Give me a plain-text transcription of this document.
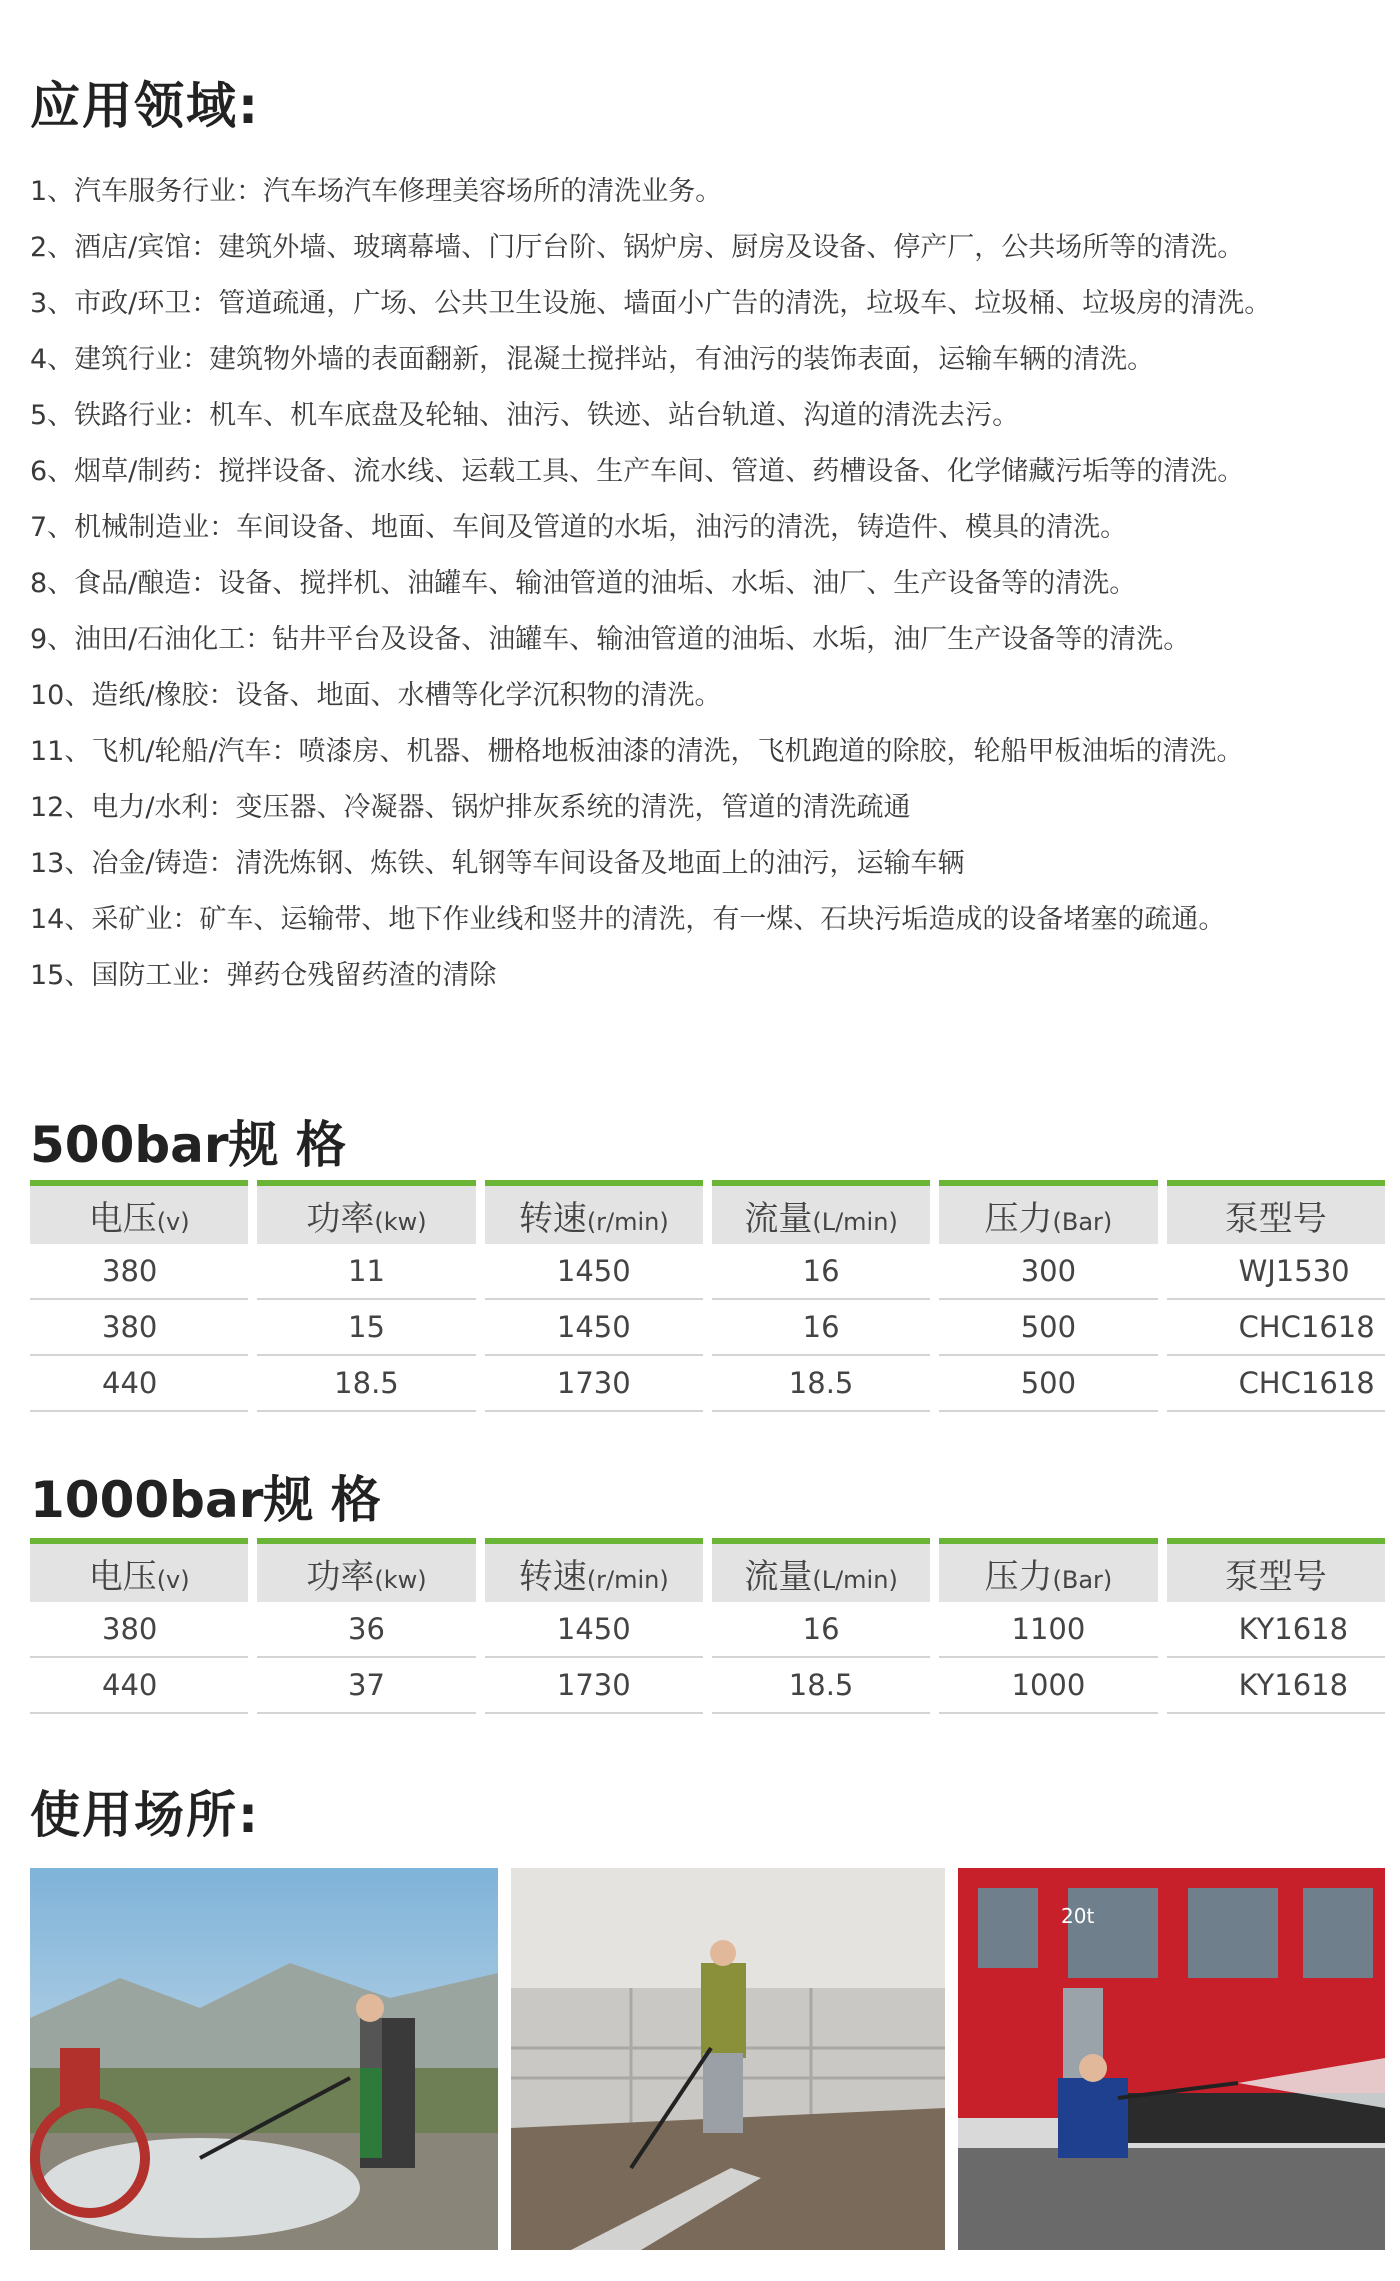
应用领域:

1、汽车服务行业：汽车场汽车修理美容场所的清洗业务。

2、酒店/宾馆：建筑外墙、玻璃幕墙、门厅台阶、锅炉房、厨房及设备、停产厂，公共场所等的清洗。

3、市政/环卫：管道疏通，广场、公共卫生设施、墙面小广告的清洗，垃圾车、垃圾桶、垃圾房的清洗。

4、建筑行业：建筑物外墙的表面翻新，混凝土搅拌站，有油污的装饰表面，运输车辆的清洗。

5、铁路行业：机车、机车底盘及轮轴、油污、铁迹、站台轨道、沟道的清洗去污。

6、烟草/制药：搅拌设备、流水线、运载工具、生产车间、管道、药槽设备、化学储藏污垢等的清洗。

7、机械制造业：车间设备、地面、车间及管道的水垢，油污的清洗，铸造件、模具的清洗。

8、食品/酿造：设备、搅拌机、油罐车、输油管道的油垢、水垢、油厂、生产设备等的清洗。

9、油田/石油化工：钻井平台及设备、油罐车、输油管道的油垢、水垢，油厂生产设备等的清洗。

10、造纸/橡胶：设备、地面、水槽等化学沉积物的清洗。

11、飞机/轮船/汽车：喷漆房、机器、栅格地板油漆的清洗，飞机跑道的除胶，轮船甲板油垢的清洗。

12、电力/水利：变压器、冷凝器、锅炉排灰系统的清洗，管道的清洗疏通

13、冶金/铸造：清洗炼钢、炼铁、轧钢等车间设备及地面上的油污，运输车辆

14、采矿业：矿车、运输带、地下作业线和竖井的清洗，有一煤、石块污垢造成的设备堵塞的疏通。

15、国防工业：弹药仓残留药渣的清除

500bar规 格
电压(v)		功率(kw)		转速(r/min)		流量(L/min)		压力(Bar)		泵型号
380		11		1450		16		300		WJ1530
380		15		1450		16		500		CHC1618
440		18.5		1730		18.5		500		CHC1618
1000bar规 格
电压(v)		功率(kw)		转速(r/min)		流量(L/min)		压力(Bar)		泵型号
380		36		1450		16		1100		KY1618
440		37		1730		18.5		1000		KY1618
使用场所:
20t
